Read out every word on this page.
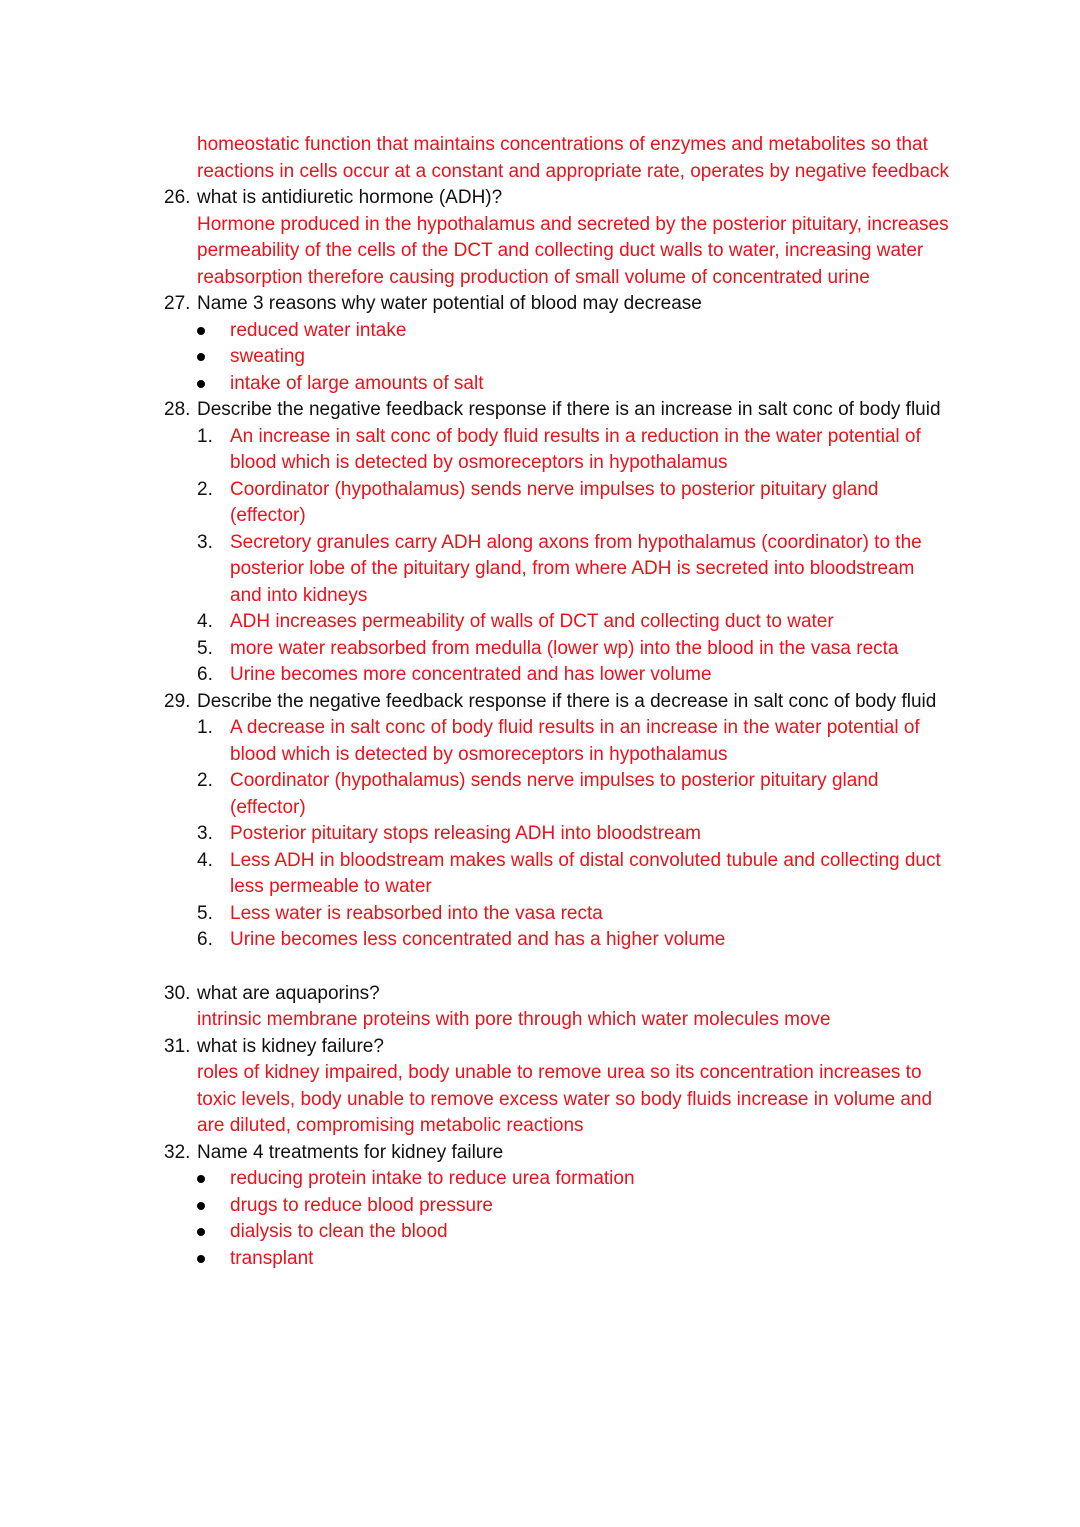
homeostatic function that maintains concentrations of enzymes and metabolites so that reactions in cells occur at a constant and appropriate rate, operates by negative feedback
26. what is antidiuretic hormone (ADH)?
Hormone produced in the hypothalamus and secreted by the posterior pituitary, increases permeability of the cells of the DCT and collecting duct walls to water, increasing water reabsorption therefore causing production of small volume of concentrated urine
27. Name 3 reasons why water potential of blood may decrease
reduced water intake
sweating
intake of large amounts of salt
28. Describe the negative feedback response if there is an increase in salt conc of body fluid
1. An increase in salt conc of body fluid results in a reduction in the water potential of blood which is detected by osmoreceptors in hypothalamus
2. Coordinator (hypothalamus) sends nerve impulses to posterior pituitary gland (effector)
3. Secretory granules carry ADH along axons from hypothalamus (coordinator) to the posterior lobe of the pituitary gland, from where ADH is secreted into bloodstream and into kidneys
4. ADH increases permeability of walls of DCT and collecting duct to water
5. more water reabsorbed from medulla (lower wp) into the blood in the vasa recta
6. Urine becomes more concentrated and has lower volume
29. Describe the negative feedback response if there is a decrease in salt conc of body fluid
1. A decrease in salt conc of body fluid results in an increase in the water potential of blood which is detected by osmoreceptors in hypothalamus
2. Coordinator (hypothalamus) sends nerve impulses to posterior pituitary gland (effector)
3. Posterior pituitary stops releasing ADH into bloodstream
4. Less ADH in bloodstream makes walls of distal convoluted tubule and collecting duct less permeable to water
5. Less water is reabsorbed into the vasa recta
6. Urine becomes less concentrated and has a higher volume
30. what are aquaporins?
intrinsic membrane proteins with pore through which water molecules move
31. what is kidney failure?
roles of kidney impaired, body unable to remove urea so its concentration increases to toxic levels, body unable to remove excess water so body fluids increase in volume and are diluted, compromising metabolic reactions
32. Name 4 treatments for kidney failure
reducing protein intake to reduce urea formation
drugs to reduce blood pressure
dialysis to clean the blood
transplant
